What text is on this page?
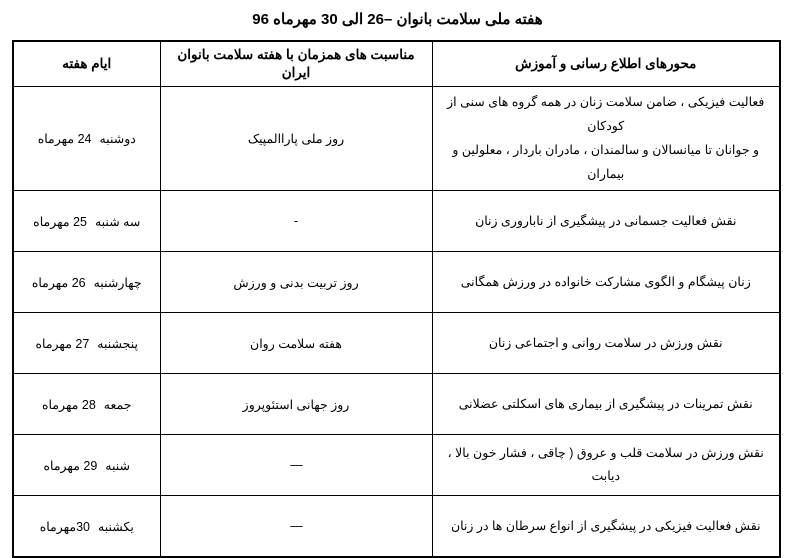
هفته ملی سلامت بانوان –26 الی 30 مهرماه 96
محورهای اطلاع رسانی و آموزش	مناسبت های همزمان با هفته سلامت بانوان ایران	ایام هفته

فعالیت فیزیکی ، ضامن سلامت زنان در همه گروه های سنی از کودکان
و جوانان تا میانسالان و سالمندان ، مادران باردار ، معلولین و بیماران	روز ملی پاراالمپیک	دوشنبه24 مهرماه

نقش فعالیت جسمانی در پیشگیری از ناباروری زنان	-	سه شنبه25 مهرماه

زنان پیشگام و الگوی مشارکت خانواده در ورزش همگانی	روز تربیت بدنی و ورزش	چهارشنبه26 مهرماه

نقش ورزش در سلامت روانی و اجتماعی زنان	هفته سلامت روان	پنجشنبه27 مهرماه

نقش تمرینات در پیشگیری از بیماری های اسکلتی عضلانی	روز جهانی استئوپروز	جمعه28 مهرماه

نقش ورزش در سلامت قلب و عروق ( چاقی ، فشار خون بالا ، دیابت	—	شنبه29 مهرماه

نقش فعالیت فیزیکی در پیشگیری از انواع سرطان ها در زنان	—	یکشنبه30مهرماه
